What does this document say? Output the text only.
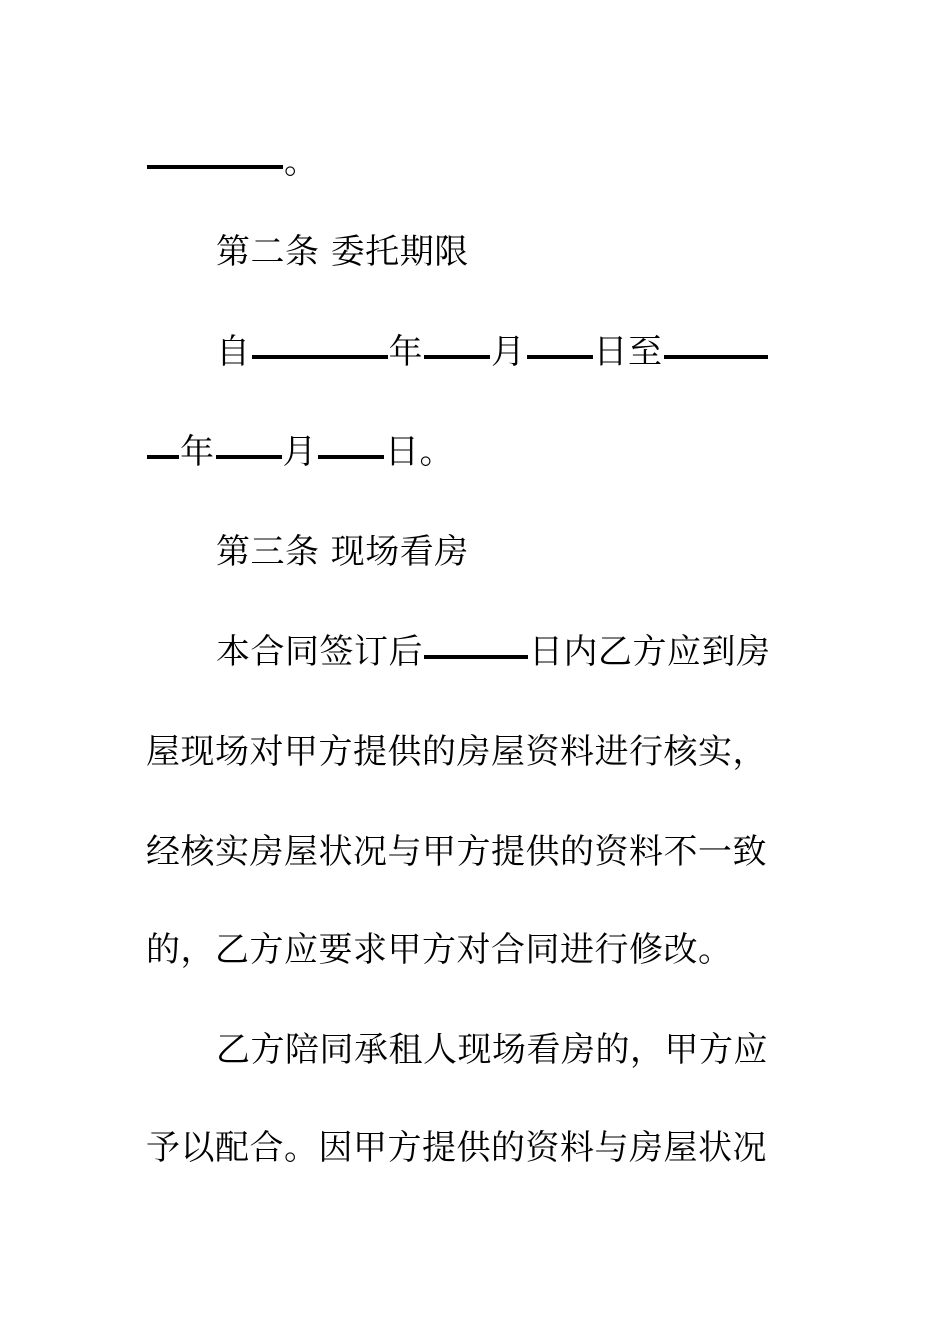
。
第二条 委托期限
自	年 月 日至
年 月 日。
第三条 现场看房
本合同签订后	日内乙方应到房
屋现场对甲方提供的房屋资料进行核实，
经核实房屋状况与甲方提供的资料不一致
的，乙方应要求甲方对合同进行修改。
乙方陪同承租人现场看房的，甲方应
予以配合。因甲方提供的资料与房屋状况
